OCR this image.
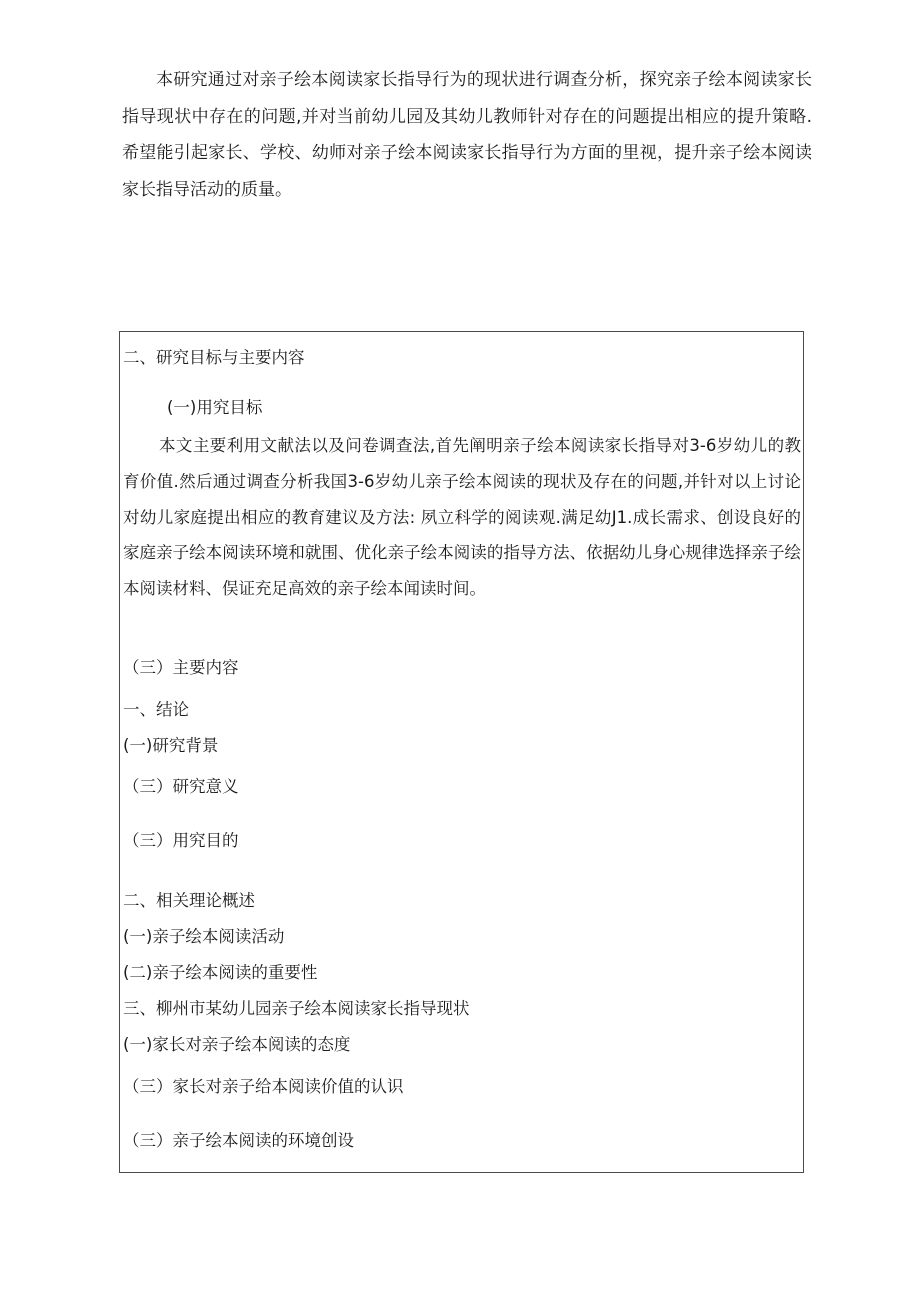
本研究通过对亲子绘本阅读家长指导行为的现状进行调查分析，探究亲子绘本阅读家长指导现状中存在的问题,并对当前幼儿园及其幼儿教师针对存在的问题提出相应的提升策略.希望能引起家长、学校、幼师对亲子绘本阅读家长指导行为方面的里视，提升亲子绘本阅读家长指导活动的质量。

二、研究目标与主要内容
(一)用究目标

本文主要利用文献法以及问卷调查法,首先阐明亲子绘本阅读家长指导对3-6岁幼儿的教育价值.然后通过调查分析我国3-6岁幼儿亲子绘本阅读的现状及存在的问题,并针对以上讨论对幼儿家庭提出相应的教育建议及方法: 夙立科学的阅读观.满足幼J1.成长需求、创设良好的家庭亲子绘本阅读环境和就围、优化亲子绘本阅读的指导方法、依据幼儿身心规律选择亲子绘本阅读材料、俣证充足高效的亲子绘本闻读时间。

（三）主要内容
一、结论
(一)研究背景
（三）研究意义
（三）用究目的
二、相关理论概述
(一)亲子绘本阅读活动
(二)亲子绘本阅读的重要性
三、柳州市某幼儿园亲子绘本阅读家长指导现状
(一)家长对亲子绘本阅读的态度
（三）家长对亲子给本阅读价值的认识
（三）亲子绘本阅读的环境创设
